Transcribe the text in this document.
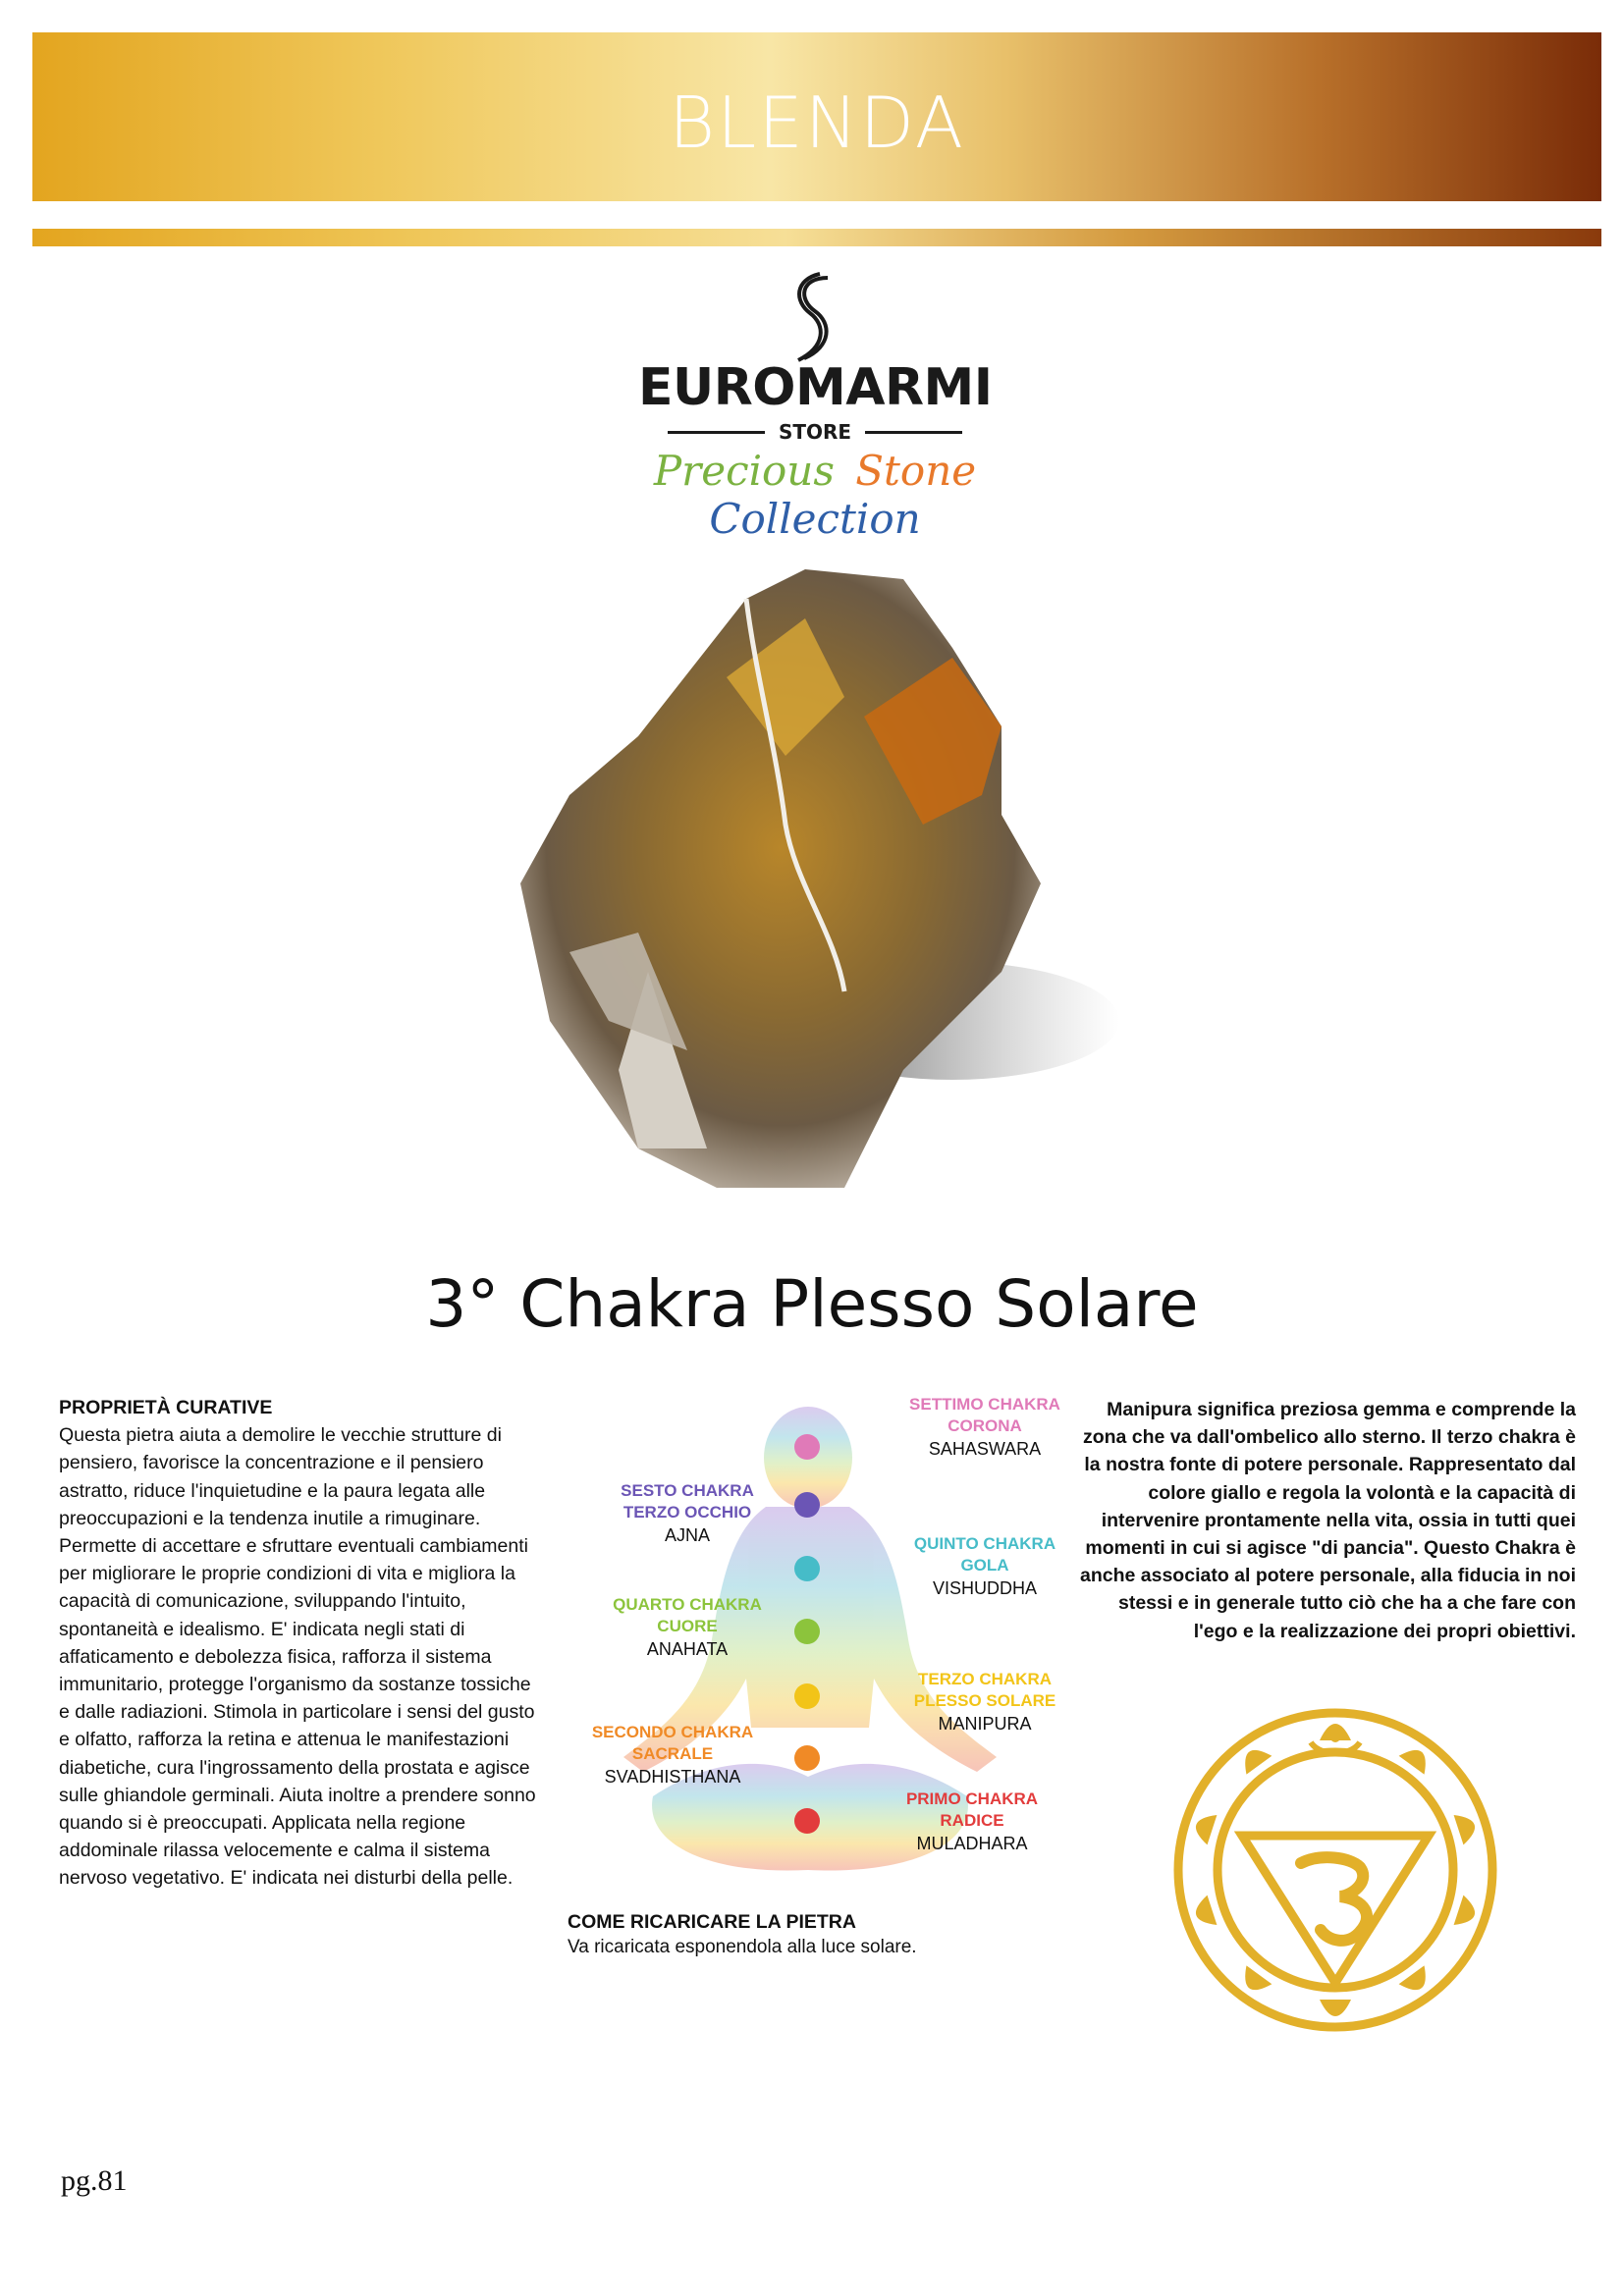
BLENDA
EUROMARMI
STORE
Precious Stone Collection
3° Chakra Plesso Solare
PROPRIETÀ CURATIVE
Questa pietra aiuta a demolire le vecchie strutture di pensiero, favorisce la concentrazione e il pensiero astratto, riduce l'inquietudine e la paura legata alle preoccupazioni e la tendenza inutile a rimuginare. Permette di accettare e sfruttare eventuali cambiamenti per migliorare le proprie condizioni di vita e migliora la capacità di comunicazione, sviluppando l'intuito, spontaneità e idealismo. E' indicata negli stati di affaticamento e debolezza fisica, rafforza il sistema immunitario, protegge l'organismo da sostanze tossiche e dalle radiazioni. Stimola in particolare i sensi del gusto e olfatto, rafforza la retina e attenua le manifestazioni diabetiche, cura l'ingrossamento della prostata e agisce sulle ghiandole germinali. Aiuta inoltre a prendere sonno quando si è preoccupati. Applicata nella regione addominale rilassa velocemente e calma il sistema nervoso vegetativo. E' indicata nei disturbi della pelle.
SETTIMO CHAKRA
CORONA
SAHASWARA
SESTO CHAKRA
TERZO OCCHIO
AJNA	QUINTO CHAKRA
GOLA
VISHUDDHA
QUARTO CHAKRA
CUORE
ANAHATA
TERZO CHAKRA
PLESSO SOLARE
MANIPURA
SECONDO CHAKRA
SACRALE
SVADHISTHANA
PRIMO CHAKRA
RADICE
MULADHARA
COME RICARICARE LA PIETRA
Va ricaricata esponendola alla luce solare.
Manipura significa preziosa gemma e comprende la zona che va dall'ombelico allo sterno. Il terzo chakra è la nostra fonte di potere personale. Rappresentato dal colore giallo e regola la volontà e la capacità di intervenire prontamente nella vita, ossia in tutti quei momenti in cui si agisce "di pancia". Questo Chakra è anche associato al potere personale, alla fiducia in noi stessi e in generale tutto ciò che ha a che fare con l'ego e la realizzazione dei propri obiettivi.
pg.81
